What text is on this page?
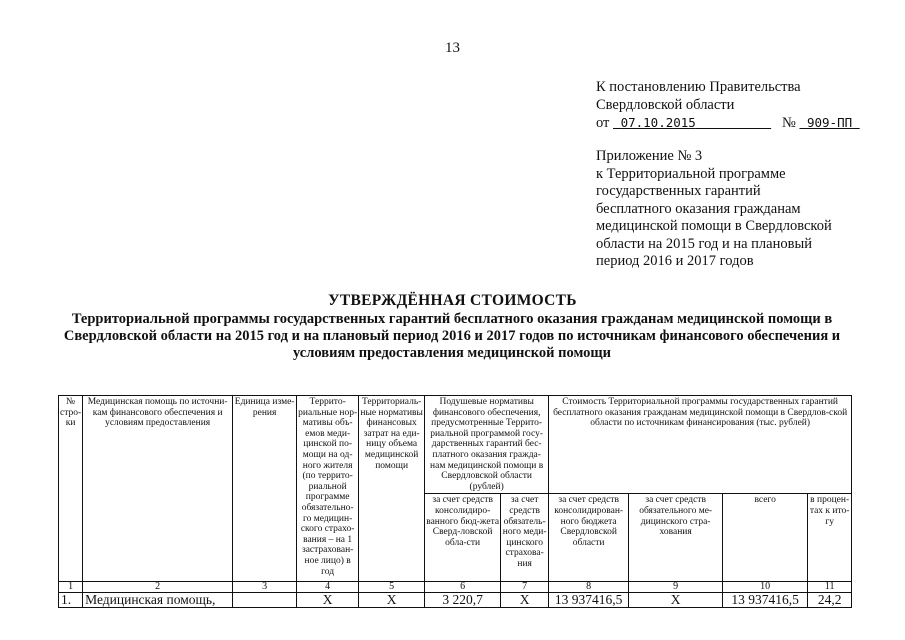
13
К постановлению Правительства
Свердловской области
от 07.10.2015	№ 909-ПП
Приложение № 3
к Территориальной программе
государственных гарантий
бесплатного оказания гражданам
медицинской помощи в Свердловской
области на 2015 год и на плановый
период 2016 и 2017 годов
УТВЕРЖДЁННАЯ СТОИМОСТЬ
Территориальной программы государственных гарантий бесплатного оказания гражданам медицинской помощи в Свердловской области на 2015 год и на плановый период 2016 и 2017 годов по источникам финансового обеспечения и условиям предоставления медицинской помощи
№ стро-ки	Медицинская помощь по источни-кам финансового обеспечения и условиям предоставления	Единица изме-рения	Террито-риальные нор-мативы объ-емов меди-цинской по-мощи на од-ного жителя (по террито-риальной программе обязательно-го медицин-ского страхо-вания – на 1 застрахован-ное лицо) в год	Территориаль-ные нормативы финансовых затрат на еди-ницу объема медицинской помощи	Подушевые нормативы финансового обеспечения, предусмотренные Террито-риальной программой госу-дарственных гарантий бес-платного оказания гражда-нам медицинской помощи в Свердловской области (рублей)		Стоимость Территориальной программы государственных гарантий бесплатного оказания гражданам медицинской помощи в Свердлов-ской области по источникам финансирования (тыс. рублей)			
					за счет средств консолидиро-ванного бюд-жета Сверд-ловской обла-сти	за счет средств обязатель-ного меди-цинского страхова-ния	за счет средств консолидирован-ного бюджета Свердловской области	за счет средств обязательного ме-дицинского стра-хования	всего	в процен-тах к ито-гу
1	2	3	4	5	6	7	8	9	10	11
1.	Медицинская помощь,		X	X	3 220,7	X	13 937416,5	X	13 937416,5	24,2
